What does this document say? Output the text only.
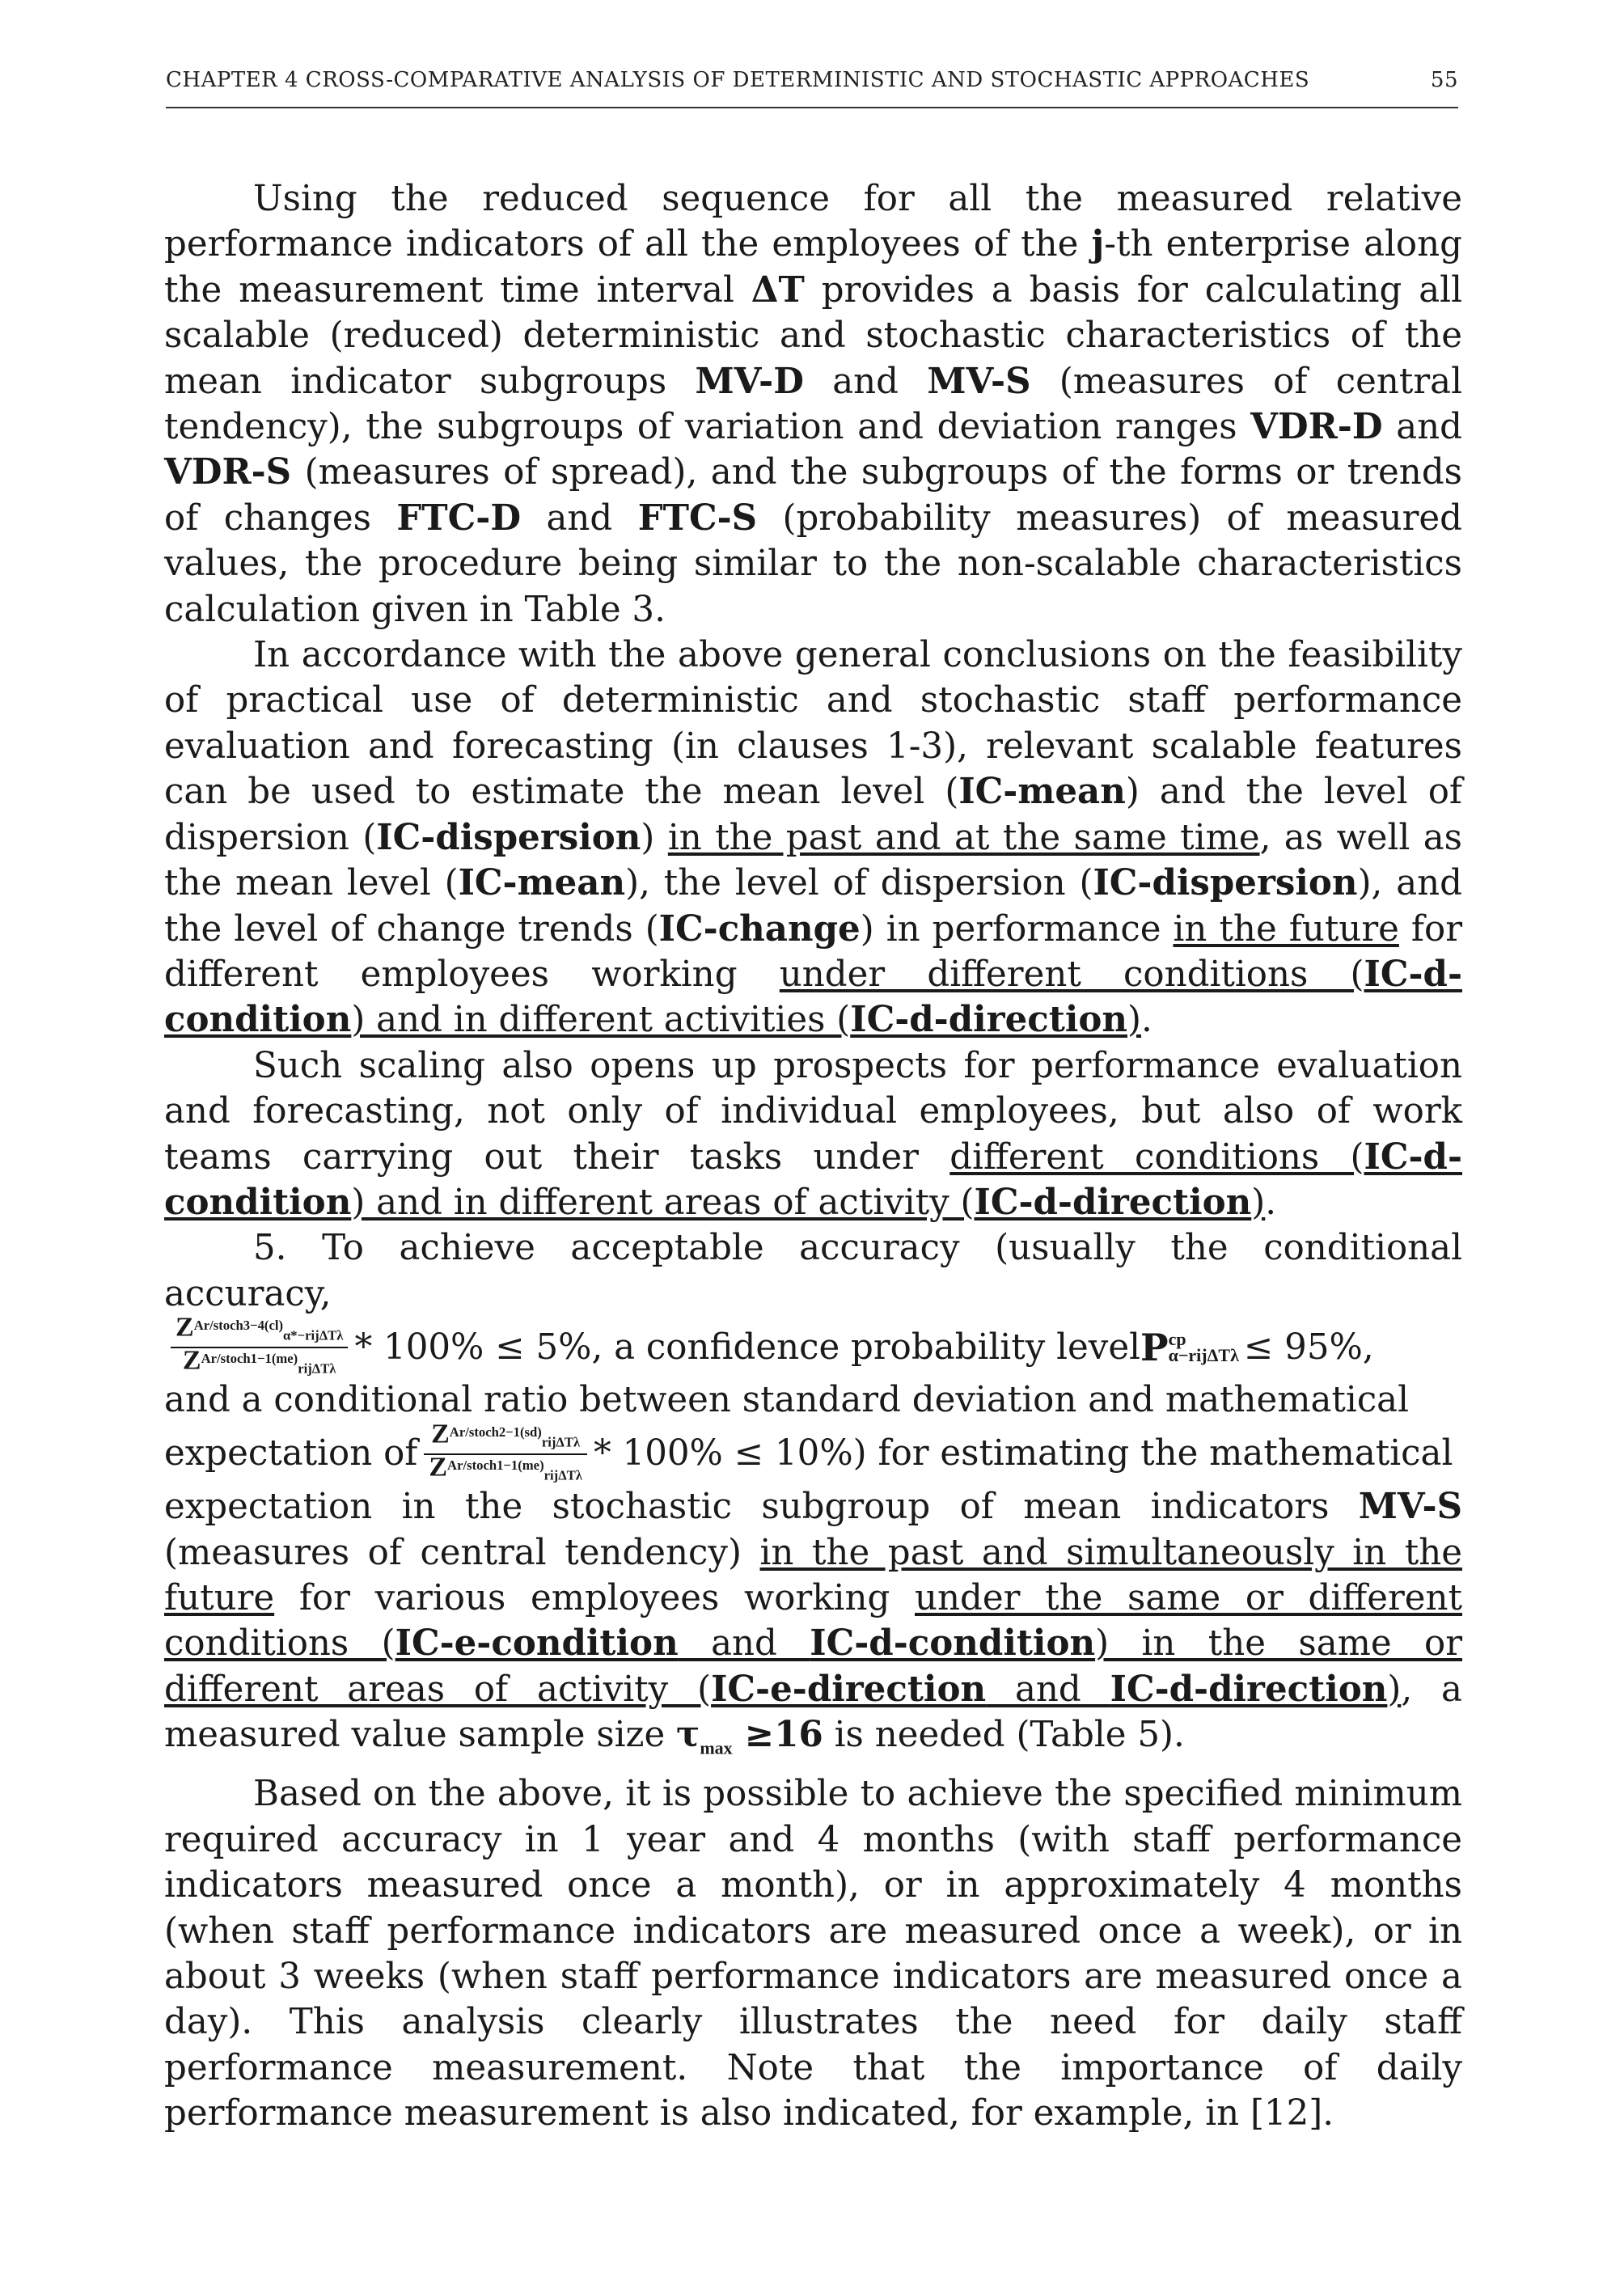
CHAPTER 4 CROSS-COMPARATIVE ANALYSIS OF DETERMINISTIC AND STOCHASTIC APPROACHES	55

Using the reduced sequence for all the measured relative performance indicators of all the employees of the j-th enterprise along the measurement time interval ΔT provides a basis for calculating all scalable (reduced) deterministic and stochastic characteristics of the mean indicator subgroups MV-D and MV-S (measures of central tendency), the subgroups of variation and deviation ranges VDR-D and VDR-S (measures of spread), and the subgroups of the forms or trends of changes FTC-D and FTC-S (probability measures) of measured values, the procedure being similar to the non-scalable characteristics calculation given in Table 3.

In accordance with the above general conclusions on the feasibility of practical use of deterministic and stochastic staff performance evaluation and forecasting (in clauses 1-3), relevant scalable features can be used to estimate the mean level (IC-mean) and the level of dispersion (IC-dispersion) in the past and at the same time, as well as the mean level (IC-mean), the level of dispersion (IC-dispersion), and the level of change trends (IC-change) in performance in the future for different employees working under different conditions (IC-d-condition) and in different activities (IC-d-direction).

Such scaling also opens up prospects for performance evaluation and forecasting, not only of individual employees, but also of work teams carrying out their tasks under different conditions (IC-d-condition) and in different areas of activity (IC-d-direction).

5. To achieve acceptable accuracy (usually the conditional accuracy,

$\frac{Z^{Ar/stoch3-4(cl)}_{\alpha*-rij\Delta T\lambda}}{Z^{Ar/stoch1-1(me)}_{rij\Delta T\lambda}} * 100\% \le 5\%$, a confidence probability level P cp
α−rijΔTλ ≤ 95%,

and a conditional ratio between standard deviation and mathematical

expectation of $\frac{Z^{Ar/stoch2-1(sd)}_{rij\Delta T\lambda}}{Z^{Ar/stoch1-1(me)}_{rij\Delta T\lambda}} * 100\% \le 10\%$) for estimating the mathematical

expectation in the stochastic subgroup of mean indicators MV-S (measures of central tendency) in the past and simultaneously in the future for various employees working under the same or different conditions (IC-e-condition and IC-d-condition) in the same or different areas of activity (IC-e-direction and IC-d-direction), a measured value sample size $\tau_{max} \ge 16$ is needed (Table 5).

Based on the above, it is possible to achieve the specified minimum required accuracy in 1 year and 4 months (with staff performance indicators measured once a month), or in approximately 4 months (when staff performance indicators are measured once a week), or in about 3 weeks (when staff performance indicators are measured once a day). This analysis clearly illustrates the need for daily staff performance measurement. Note that the importance of daily performance measurement is also indicated, for example, in [12].
